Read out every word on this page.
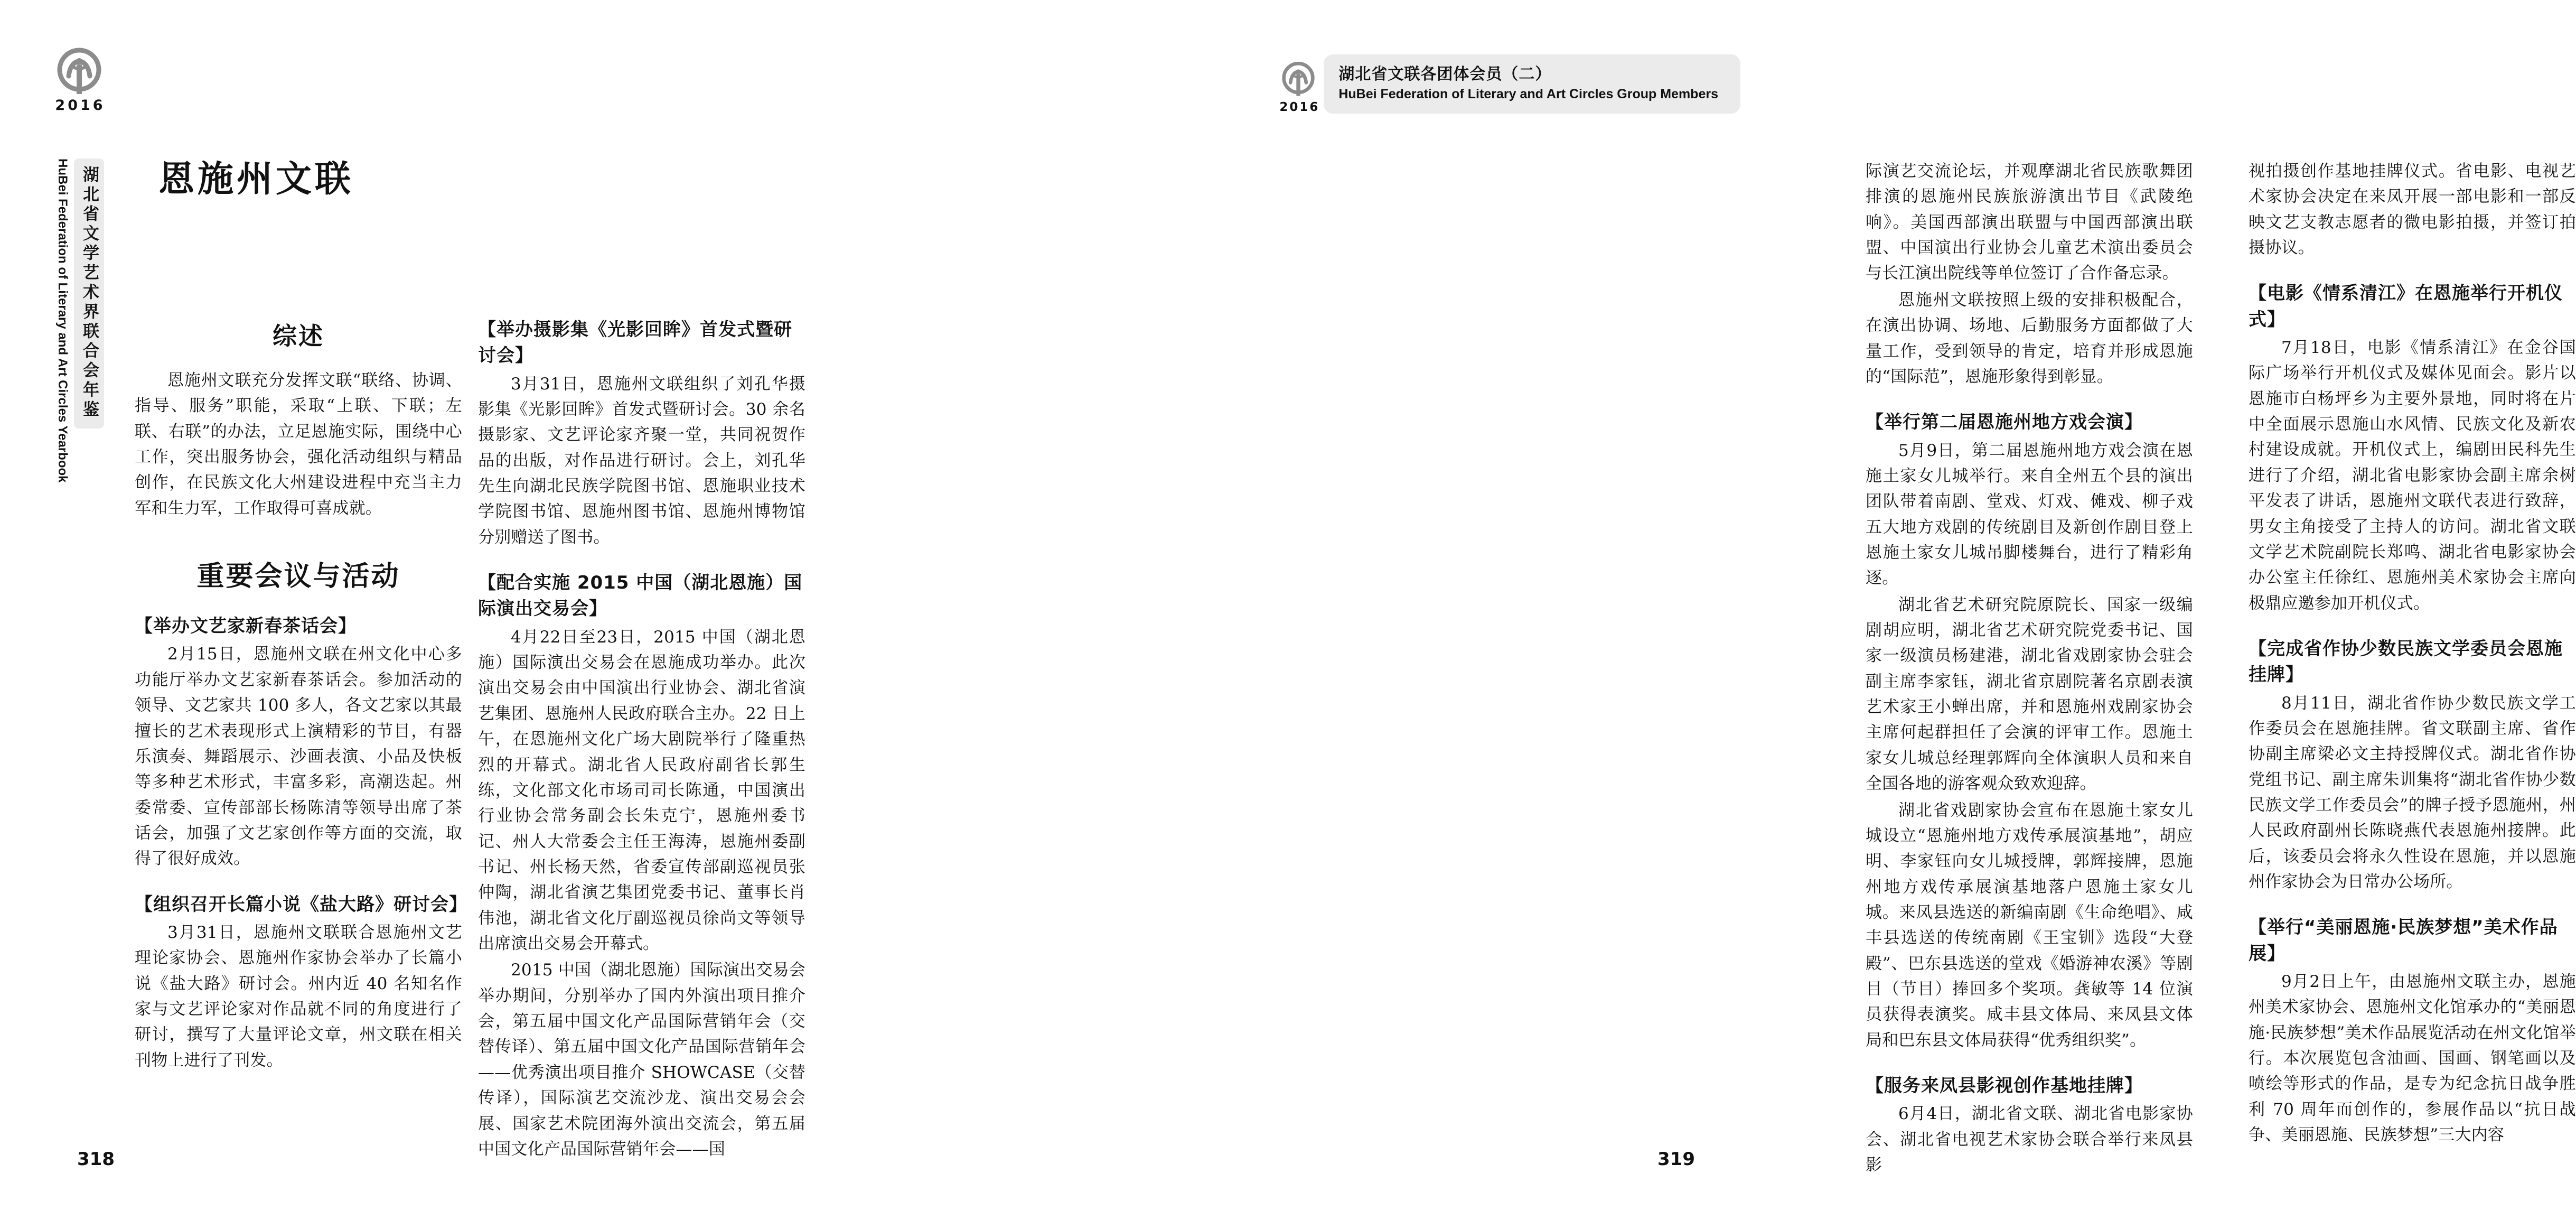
2016
湖北省文学艺术界联合会年鉴
HuBei Federation of Literary and Art Circles Yearbook 恩施州文联
综述

恩施州文联充分发挥文联“联络、协调、指导、服务”职能，采取“上联、下联；左联、右联”的办法，立足恩施实际，围绕中心工作，突出服务协会，强化活动组织与精品创作，在民族文化大州建设进程中充当主力军和生力军，工作取得可喜成就。

重要会议与活动
【举办文艺家新春茶话会】

2月15日，恩施州文联在州文化中心多功能厅举办文艺家新春茶话会。参加活动的领导、文艺家共 100 多人，各文艺家以其最擅长的艺术表现形式上演精彩的节目，有器乐演奏、舞蹈展示、沙画表演、小品及快板等多种艺术形式，丰富多彩，高潮迭起。州委常委、宣传部部长杨陈清等领导出席了茶话会，加强了文艺家创作等方面的交流，取得了很好成效。

【组织召开长篇小说《盐大路》研讨会】

3月31日，恩施州文联联合恩施州文艺理论家协会、恩施州作家协会举办了长篇小说《盐大路》研讨会。州内近 40 名知名作家与文艺评论家对作品就不同的角度进行了研讨，撰写了大量评论文章，州文联在相关刊物上进行了刊发。

【举办摄影集《光影回眸》首发式暨研讨会】

3月31日，恩施州文联组织了刘孔华摄影集《光影回眸》首发式暨研讨会。30 余名摄影家、文艺评论家齐聚一堂，共同祝贺作品的出版，对作品进行研讨。会上，刘孔华先生向湖北民族学院图书馆、恩施职业技术学院图书馆、恩施州图书馆、恩施州博物馆分别赠送了图书。

【配合实施 2015 中国（湖北恩施）国际演出交易会】

4月22日至23日，2015 中国（湖北恩施）国际演出交易会在恩施成功举办。此次演出交易会由中国演出行业协会、湖北省演艺集团、恩施州人民政府联合主办。22 日上午，在恩施州文化广场大剧院举行了隆重热烈的开幕式。湖北省人民政府副省长郭生练，文化部文化市场司司长陈通，中国演出行业协会常务副会长朱克宁，恩施州委书记、州人大常委会主任王海涛，恩施州委副书记、州长杨天然，省委宣传部副巡视员张仲陶，湖北省演艺集团党委书记、董事长肖伟池，湖北省文化厅副巡视员徐尚文等领导出席演出交易会开幕式。

2015 中国（湖北恩施）国际演出交易会举办期间，分别举办了国内外演出项目推介会，第五届中国文化产品国际营销年会（交替传译）、第五届中国文化产品国际营销年会——优秀演出项目推介 SHOWCASE（交替传译），国际演艺交流沙龙、演出交易会会展、国家艺术院团海外演出交流会，第五届中国文化产品国际营销年会——国

318
2016
湖北省文联各团体会员（二）
HuBei Federation of Literary and Art Circles Group Members

际演艺交流论坛，并观摩湖北省民族歌舞团排演的恩施州民族旅游演出节目《武陵绝响》。美国西部演出联盟与中国西部演出联盟、中国演出行业协会儿童艺术演出委员会与长江演出院线等单位签订了合作备忘录。

恩施州文联按照上级的安排积极配合，在演出协调、场地、后勤服务方面都做了大量工作，受到领导的肯定，培育并形成恩施的“国际范”，恩施形象得到彰显。

【举行第二届恩施州地方戏会演】

5月9日，第二届恩施州地方戏会演在恩施土家女儿城举行。来自全州五个县的演出团队带着南剧、堂戏、灯戏、傩戏、柳子戏五大地方戏剧的传统剧目及新创作剧目登上恩施土家女儿城吊脚楼舞台，进行了精彩角逐。

湖北省艺术研究院原院长、国家一级编剧胡应明，湖北省艺术研究院党委书记、国家一级演员杨建港，湖北省戏剧家协会驻会副主席李家钰，湖北省京剧院著名京剧表演艺术家王小蝉出席，并和恩施州戏剧家协会主席何起群担任了会演的评审工作。恩施土家女儿城总经理郭辉向全体演职人员和来自全国各地的游客观众致欢迎辞。

湖北省戏剧家协会宣布在恩施土家女儿城设立“恩施州地方戏传承展演基地”，胡应明、李家钰向女儿城授牌，郭辉接牌，恩施州地方戏传承展演基地落户恩施土家女儿城。来凤县选送的新编南剧《生命绝唱》、咸丰县选送的传统南剧《王宝钏》选段“大登殿”、巴东县选送的堂戏《婚游神农溪》等剧目（节目）捧回多个奖项。龚敏等 14 位演员获得表演奖。咸丰县文体局、来凤县文体局和巴东县文体局获得“优秀组织奖”。

【服务来凤县影视创作基地挂牌】

6月4日，湖北省文联、湖北省电影家协会、湖北省电视艺术家协会联合举行来凤县影

视拍摄创作基地挂牌仪式。省电影、电视艺术家协会决定在来凤开展一部电影和一部反映文艺支教志愿者的微电影拍摄，并签订拍摄协议。

【电影《情系清江》在恩施举行开机仪式】

7月18日，电影《情系清江》在金谷国际广场举行开机仪式及媒体见面会。影片以恩施市白杨坪乡为主要外景地，同时将在片中全面展示恩施山水风情、民族文化及新农村建设成就。开机仪式上，编剧田民科先生进行了介绍，湖北省电影家协会副主席余树平发表了讲话，恩施州文联代表进行致辞，男女主角接受了主持人的访问。湖北省文联文学艺术院副院长郑鸣、湖北省电影家协会办公室主任徐红、恩施州美术家协会主席向极鼎应邀参加开机仪式。

【完成省作协少数民族文学委员会恩施挂牌】

8月11日，湖北省作协少数民族文学工作委员会在恩施挂牌。省文联副主席、省作协副主席梁必文主持授牌仪式。湖北省作协党组书记、副主席朱训集将“湖北省作协少数民族文学工作委员会”的牌子授予恩施州，州人民政府副州长陈晓燕代表恩施州接牌。此后，该委员会将永久性设在恩施，并以恩施州作家协会为日常办公场所。

【举行“美丽恩施·民族梦想”美术作品展】

9月2日上午，由恩施州文联主办，恩施州美术家协会、恩施州文化馆承办的“美丽恩施·民族梦想”美术作品展览活动在州文化馆举行。本次展览包含油画、国画、钢笔画以及喷绘等形式的作品，是专为纪念抗日战争胜利 70 周年而创作的，参展作品以“抗日战争、美丽恩施、民族梦想”三大内容

319
